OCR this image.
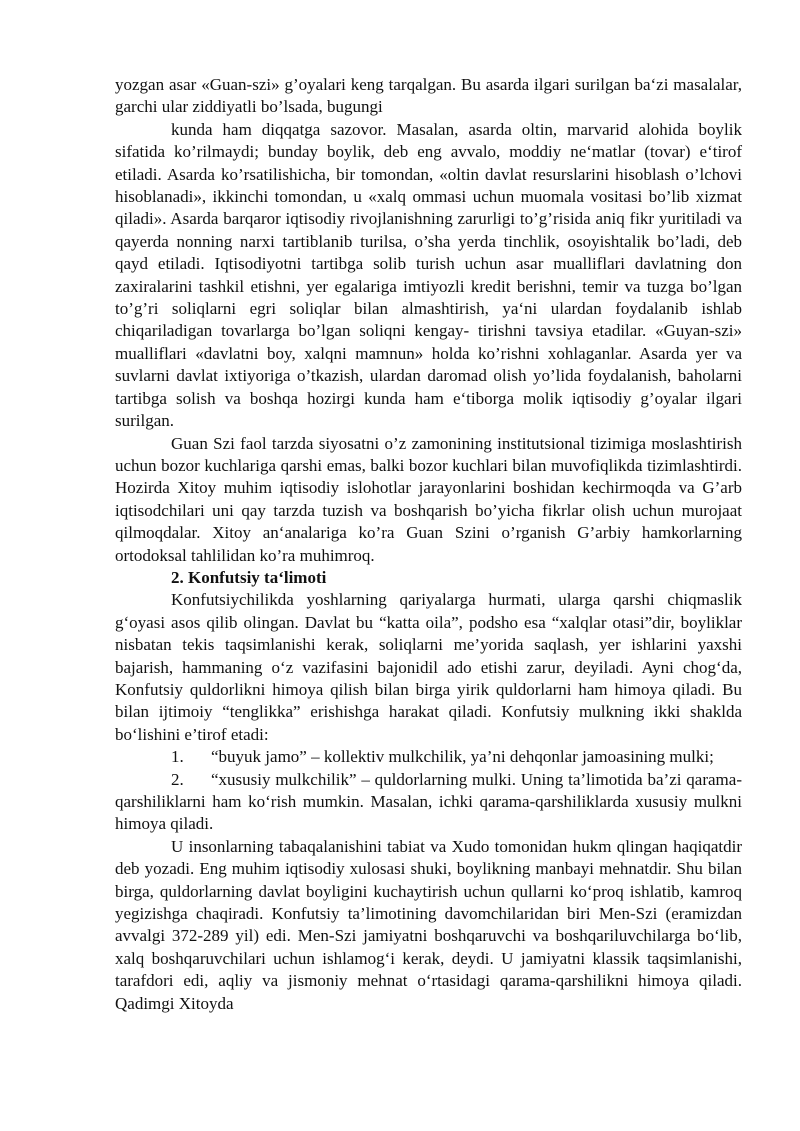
yozgan asar «Guan-szi» g’oyalari keng tarqalgan. Bu asarda ilgari surilgan ba‘zi masalalar, garchi ular ziddiyatli bo’lsada, bugungi

kunda ham diqqatga sazovor. Masalan, asarda oltin, marvarid alohida boylik sifatida ko’rilmaydi; bunday boylik, deb eng avvalo, moddiy ne‘matlar (tovar) e‘tirof etiladi. Asarda ko’rsatilishicha, bir tomondan, «oltin davlat resurslarini hisoblash o’lchovi hisoblanadi», ikkinchi tomondan, u «xalq ommasi uchun muomala vositasi bo’lib xizmat qiladi». Asarda barqaror iqtisodiy rivojlanishning zarurligi to’g’risida aniq fikr yuritiladi va qayerda nonning narxi tartiblanib turilsa, o’sha yerda tinchlik, osoyishtalik bo’ladi, deb qayd etiladi. Iqtisodiyotni tartibga solib turish uchun asar mualliflari davlatning don zaxiralarini tashkil etishni, yer egalariga imtiyozli kredit berishni, temir va tuzga bo’lgan to’g’ri soliqlarni egri soliqlar bilan almashtirish, ya‘ni ulardan foydalanib ishlab chiqariladigan tovarlarga bo’lgan soliqni kengay- tirishni tavsiya etadilar. «Guyan-szi» mualliflari «davlatni boy, xalqni mamnun» holda ko’rishni xohlaganlar. Asarda yer va suvlarni davlat ixtiyoriga o’tkazish, ulardan daromad olish yo’lida foydalanish, baholarni tartibga solish va boshqa hozirgi kunda ham e‘tiborga molik iqtisodiy g’oyalar ilgari surilgan.

Guan Szi faol tarzda siyosatni o’z zamonining institutsional tizimiga moslashtirish uchun bozor kuchlariga qarshi emas, balki bozor kuchlari bilan muvofiqlikda tizimlashtirdi. Hozirda Xitoy muhim iqtisodiy islohotlar jarayonlarini boshidan kechirmoqda va G’arb iqtisodchilari uni qay tarzda tuzish va boshqarish bo’yicha fikrlar olish uchun murojaat qilmoqdalar. Xitoy an‘analariga ko’ra Guan Szini o’rganish G’arbiy hamkorlarning ortodoksal tahlilidan ko’ra muhimroq.

2. Konfutsiy ta‘limoti

Konfutsiychilikda yoshlarning qariyalarga hurmati, ularga qarshi chiqmaslik g‘oyasi asos qilib olingan. Davlat bu “katta oila”, podsho esa “xalqlar otasi”dir, boyliklar nisbatan tekis taqsimlanishi kerak, soliqlarni me’yorida saqlash, yer ishlarini yaxshi bajarish, hammaning o‘z vazifasini bajonidil ado etishi zarur, deyiladi. Ayni chog‘da, Konfutsiy quldorlikni himoya qilish bilan birga yirik quldorlarni ham himoya qiladi. Bu bilan ijtimoiy “tenglikka” erishishga harakat qiladi. Konfutsiy mulkning ikki shaklda bo‘lishini e’tirof etadi:

1. “buyuk jamo” – kollektiv mulkchilik, ya’ni dehqonlar jamoasining mulki;

2. “xususiy mulkchilik” – quldorlarning mulki. Uning ta’limotida ba’zi qarama-qarshiliklarni ham ko‘rish mumkin. Masalan, ichki qarama-qarshiliklarda xususiy mulkni himoya qiladi.

U insonlarning tabaqalanishini tabiat va Xudo tomonidan hukm qlingan haqiqatdir deb yozadi. Eng muhim iqtisodiy xulosasi shuki, boylikning manbayi mehnatdir. Shu bilan birga, quldorlarning davlat boyligini kuchaytirish uchun qullarni ko‘proq ishlatib, kamroq yegizishga chaqiradi. Konfutsiy ta’limotining davomchilaridan biri Men-Szi (eramizdan avvalgi 372-289 yil) edi. Men-Szi jamiyatni boshqaruvchi va boshqariluvchilarga bo‘lib, xalq boshqaruvchilari uchun ishlamog‘i kerak, deydi. U jamiyatni klassik taqsimlanishi, tarafdori edi, aqliy va jismoniy mehnat o‘rtasidagi qarama-qarshilikni himoya qiladi. Qadimgi Xitoyda
